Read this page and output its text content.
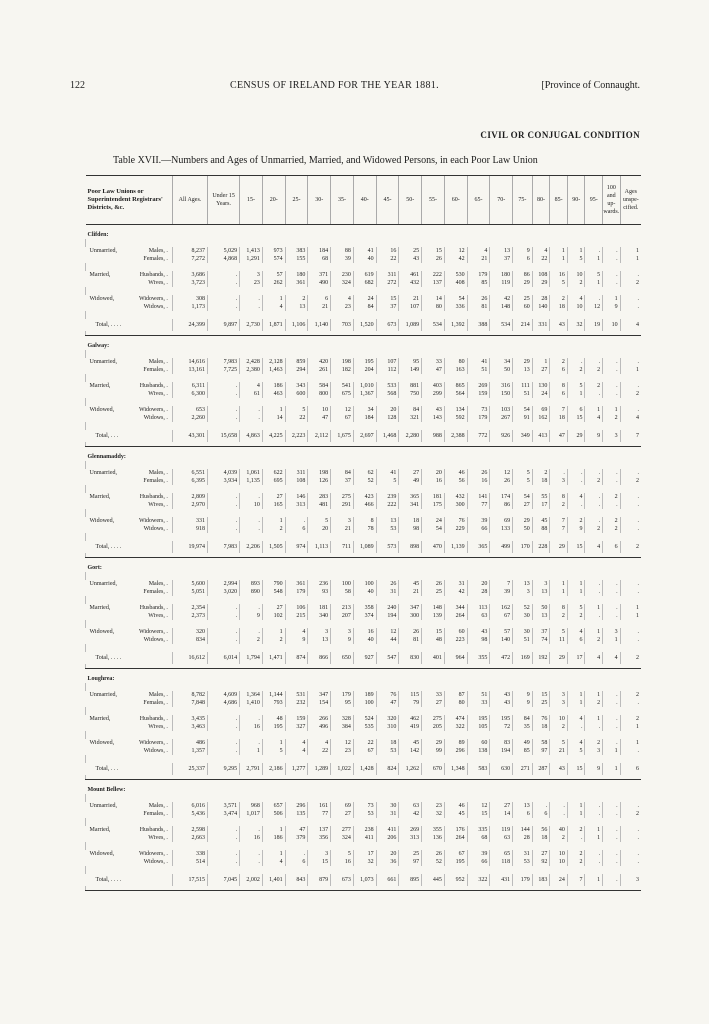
122	CENSUS OF IRELAND FOR THE YEAR 1881.	[Province of Connaught.
CIVIL OR CONJUGAL CONDITION
Table XVII.—Numbers and Ages of Unmarried, Married, and Widowed Persons, in each Poor Law Union
Poor Law Unions or Superintendent Registrars' Districts, &c.	All Ages.	Under 15 Years.	15-	20-	25-	30-	35-	40-	45-	50-	55-	60-	65-	70-	75-	80-	85-	90-	95-	100 and up-wards.	Ages unspe-cified.
Clifden:																					

Unmarried, Males, .	8,237	5,029	1,413	973	383	184	88	41	16	25	15	12	4	13	9	4	1	1	.	.	1

Females, .	7,272	4,868	1,291	574	155	68	39	40	22	43	26	42	21	37	6	22	1	5	1	.	1

Married, Husbands, .	3,686	.	3	57	180	371	230	619	311	461	222	530	179	180	86	108	16	10	5	.	.

Wives, .	3,723	.	23	262	361	490	324	682	272	432	137	408	85	119	29	29	5	2	1	.	2

Widowed, Widowers, .	308	.	.	1	2	6	4	24	15	21	14	54	26	42	25	28	2	4	.	1	.

Widows, .	1,173	.	.	4	13	21	23	84	37	107	80	336	81	148	60	140	18	10	12	9	.

Total, . . . .	24,399	9,897	2,730	1,871	1,106	1,140	703	1,520	673	1,089	534	1,392	388	534	214	331	43	32	19	10	4

Galway:																					

Unmarried, Males, .	14,616	7,983	2,428	2,128	859	420	198	195	107	95	33	80	41	34	29	1	2	.	.	.	.

Females, .	13,161	7,725	2,380	1,463	294	261	182	204	112	149	47	163	51	50	13	27	6	2	2	.	1

Married, Husbands, .	6,311	.	4	186	343	584	541	1,010	533	881	403	865	269	316	111	130	8	5	2	.	.

Wives, .	6,300	.	61	463	600	800	675	1,367	568	750	299	564	159	150	51	24	6	1	.	.	2

Widowed, Widowers, .	653	.	.	1	5	10	12	34	20	84	43	134	73	103	54	69	7	6	1	1	.

Widows, .	2,260	.	.	14	22	47	67	184	128	321	143	592	179	267	91	162	18	15	4	2	4

Total, . . .	43,301	15,658	4,863	4,225	2,223	2,112	1,675	2,697	1,468	2,280	988	2,388	772	926	349	413	47	29	9	3	7

Glennamaddy:																					

Unmarried, Males, .	6,551	4,039	1,061	622	311	198	84	62	41	27	20	46	26	12	5	2	.	.	.	.	.

Females, .	6,395	3,934	1,135	695	108	126	37	52	5	49	16	56	16	26	5	18	3	.	2	.	2

Married, Husbands, .	2,809	.	.	27	146	283	275	423	239	365	181	432	141	174	54	55	8	4	.	2	.

Wives, .	2,970	.	10	165	313	481	291	466	222	341	175	300	77	86	27	17	2	.	.	.	.

Widowed, Widowers, .	331	.	.	1	.	5	3	8	13	18	24	76	39	69	29	45	7	2	.	2	.

Widows, .	918	.	.	2	6	20	21	78	53	98	54	229	66	133	50	88	7	9	2	2	.

Total, . . . .	19,974	7,983	2,206	1,505	974	1,113	711	1,089	573	898	470	1,139	365	499	170	228	29	15	4	6	2

Gort:																					

Unmarried, Males, .	5,600	2,994	893	790	361	236	100	100	26	45	26	31	20	7	13	3	1	1	.	.	.

Females, .	5,051	3,020	890	548	179	93	58	40	31	21	25	42	28	39	3	13	1	1	.	.	.

Married, Husbands, .	2,354	.	.	27	106	181	213	358	240	347	148	344	113	162	52	50	8	5	1	.	1

Wives, .	2,373	.	9	102	215	340	207	374	194	300	139	264	63	67	30	13	2	2	.	.	1

Widowed, Widowers, .	320	.	.	1	4	3	3	16	12	26	15	60	43	57	30	37	5	4	1	3	.

Widows, .	834	.	2	2	9	13	9	40	44	81	48	223	98	140	51	74	11	6	2	1	.

Total, . . . .	16,612	6,014	1,794	1,471	874	866	650	927	547	830	401	964	355	472	169	192	29	17	4	4	2

Loughrea:																					

Unmarried, Males, .	8,782	4,609	1,364	1,144	531	347	179	189	76	115	33	87	51	43	9	15	3	1	1	.	2

Females, .	7,848	4,686	1,410	793	232	154	95	100	47	79	27	80	33	43	9	25	3	1	2	.	.

Married, Husbands, .	3,435	.	.	48	159	266	328	524	320	462	275	474	195	195	84	76	10	4	1	.	2

Wives, .	3,463	.	16	195	327	496	384	535	310	419	205	322	105	72	35	18	2	.	.	.	1

Widowed, Widowers, .	486	.	.	1	4	4	12	22	18	45	29	89	60	83	49	58	5	4	2	.	1

Widows, .	1,357	.	1	5	4	22	23	67	53	142	99	296	138	194	85	97	21	5	3	1	.

Total, . . .	25,337	9,295	2,791	2,186	1,277	1,289	1,022	1,428	824	1,262	670	1,348	583	630	271	287	43	15	9	1	6

Mount Bellew:																					

Unmarried, Males, .	6,016	3,571	968	657	296	161	69	73	30	63	23	46	12	27	13	.	.	1	.	.	.

Females, .	5,436	3,474	1,017	506	135	77	27	53	31	42	32	45	15	14	6	6	.	1	.	.	2

Married, Husbands, .	2,598	.	.	1	47	137	277	238	411	269	355	176	335	119	144	56	40	2	1	.	.

Wives, .	2,663	.	16	186	379	356	324	411	206	313	136	264	68	63	28	18	2	.	1	.	.

Widowed, Widowers, .	338	.	.	1	.	3	5	17	20	25	26	67	39	65	31	27	10	2	.	.	.

Widows, .	514	.	.	4	6	15	16	32	36	97	52	195	66	118	53	92	10	2	.	.	.

Total, . . . .	17,515	7,045	2,002	1,401	843	879	673	1,073	661	895	445	952	322	431	179	183	24	7	1	.	3
